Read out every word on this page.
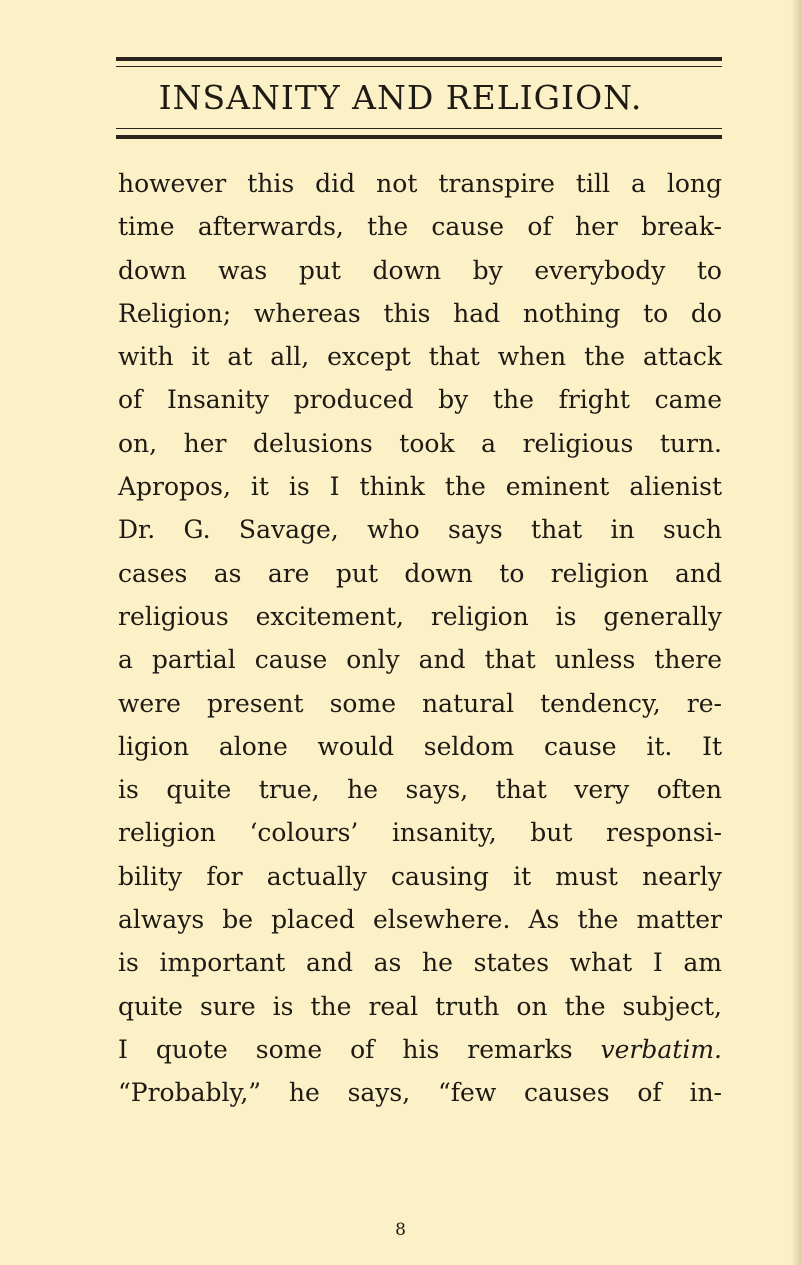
INSANITY AND RELIGION.
however this did not transpire till a long
time afterwards, the cause of her break-
down was put down by everybody to
Religion; whereas this had nothing to do
with it at all, except that when the attack
of Insanity produced by the fright came
on, her delusions took a religious turn.
Apropos, it is I think the eminent alienist
Dr. G. Savage, who says that in such
cases as are put down to religion and
religious excitement, religion is generally
a partial cause only and that unless there
were present some natural tendency, re-
ligion alone would seldom cause it. It
is quite true, he says, that very often
religion ‘colours’ insanity, but responsi-
bility for actually causing it must nearly
always be placed elsewhere. As the matter
is important and as he states what I am
quite sure is the real truth on the subject,
I quote some of his remarks verbatim.
“Probably,” he says, “few causes of in-
8
